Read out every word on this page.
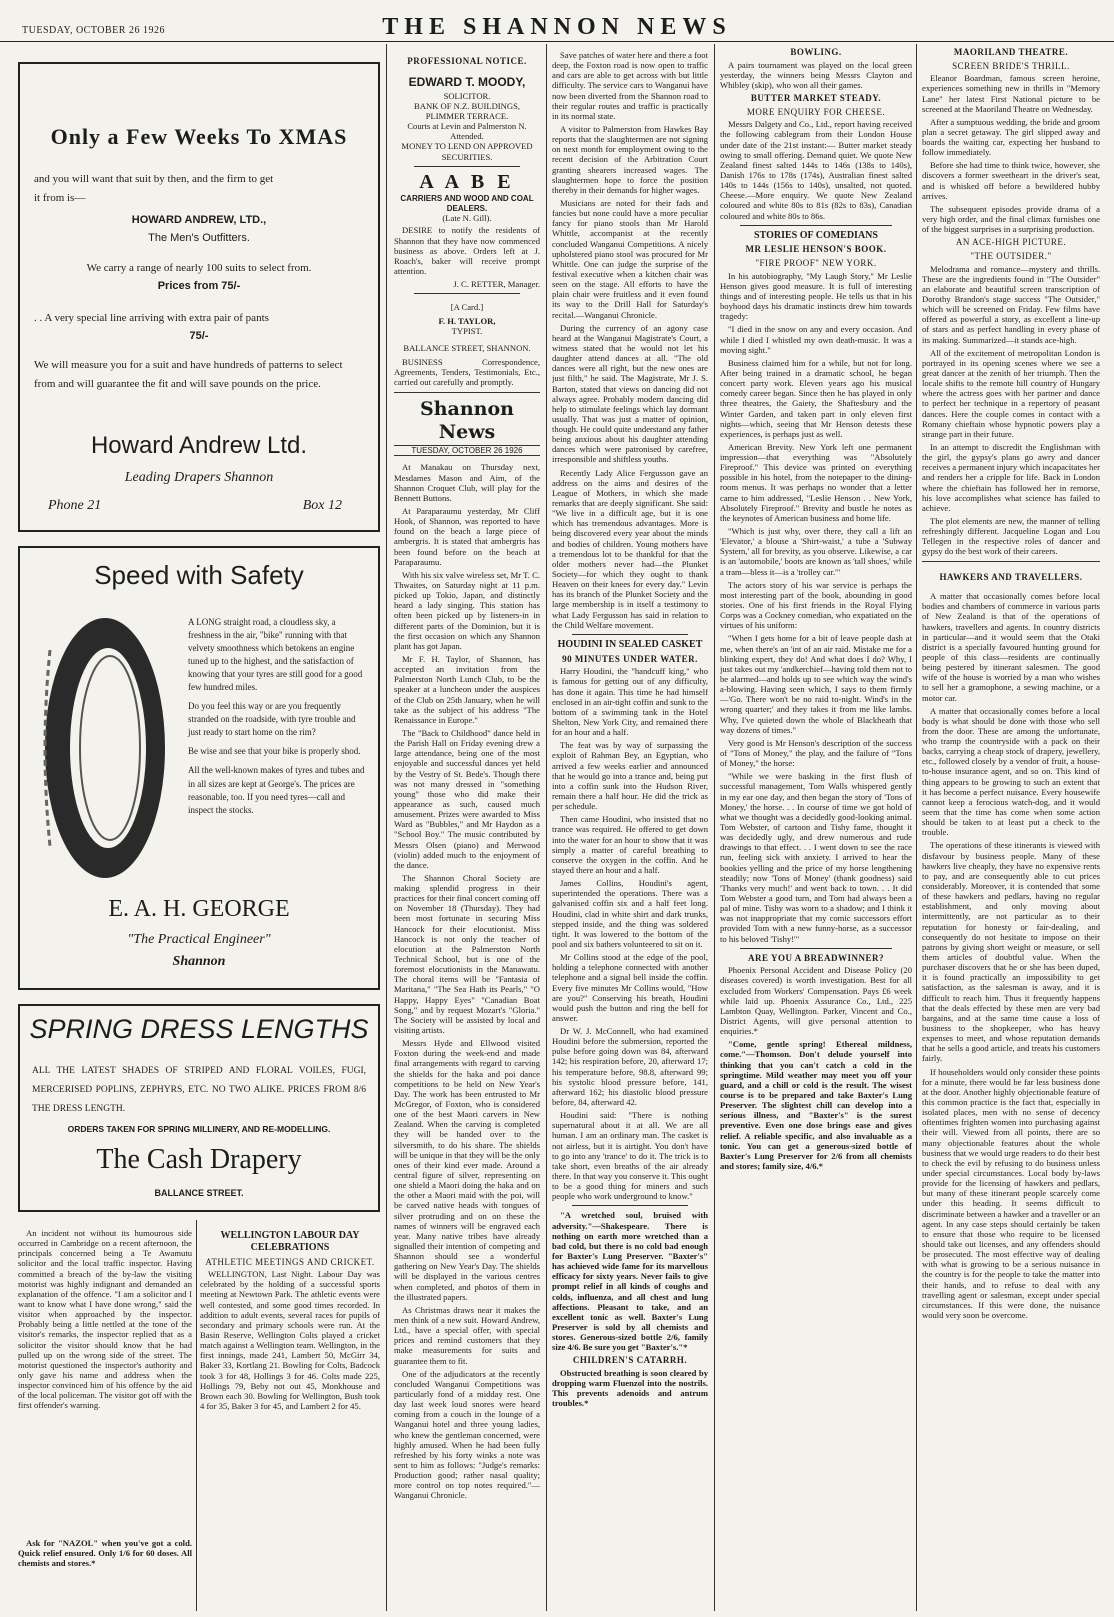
TUESDAY, OCTOBER 26 1926	THE SHANNON NEWS
Only a Few Weeks To XMAS
and you will want that suit by then, and the firm to get
it from is—
HOWARD ANDREW, LTD.,
The Men's Outfitters.
We carry a range of nearly 100 suits to select from.
Prices from 75/-
. . A very special line arriving with extra pair of pants
75/-
We will measure you for a suit and have hundreds of patterns to select from and will guarantee the fit and will save pounds on the price.
Howard Andrew Ltd.
Leading Drapers Shannon
Phone 21	Box 12
Speed with Safety

A LONG straight road, a cloudless sky, a freshness in the air, "bike" running with that velvety smoothness which betokens an engine tuned up to the highest, and the satisfaction of knowing that your tyres are still good for a good few hundred miles.

Do you feel this way or are you frequently stranded on the roadside, with tyre trouble and just ready to start home on the rim?

Be wise and see that your bike is properly shod.

All the well-known makes of tyres and tubes and in all sizes are kept at George's. The prices are reasonable, too. If you need tyres—call and inspect the stocks.

E. A. H. GEORGE
"The Practical Engineer"
Shannon
SPRING DRESS LENGTHS
ALL THE LATEST SHADES OF STRIPED AND FLORAL VOILES, FUGI, MERCERISED POPLINS, ZEPHYRS, ETC. NO TWO ALIKE. PRICES FROM 8/6 THE DRESS LENGTH.
ORDERS TAKEN FOR SPRING MILLINERY, AND RE-MODELLING.
The Cash Drapery
BALLANCE STREET.

An incident not without its humourous side occurred in Cambridge on a recent afternoon, the principals concerned being a Te Awamutu solicitor and the local traffic inspector. Having committed a breach of the by-law the visiting motorist was highly indignant and demanded an explanation of the offence. "I am a solicitor and I want to know what I have done wrong," said the visitor when approached by the inspector. Probably being a little nettled at the tone of the visitor's remarks, the inspector replied that as a solicitor the visitor should know that he had pulled up on the wrong side of the street. The motorist questioned the inspector's authority and only gave his name and address when the inspector convinced him of his offence by the aid of the local policeman. The visitor got off with the first offender's warning.

Ask for "NAZOL" when you've got a cold. Quick relief ensured. Only 1/6 for 60 doses. All chemists and stores.*

PROFESSIONAL NOTICE.
EDWARD T. MOODY,
SOLICITOR.
BANK OF N.Z. BUILDINGS,
PLIMMER TERRACE.
Courts at Levin and Palmerston N. Attended.
MONEY TO LEND ON APPROVED SECURITIES.
A A B E
CARRIERS AND WOOD AND COAL DEALERS.
(Late N. Gill).

DESIRE to notify the residents of Shannon that they have now commenced business as above. Orders left at J. Roach's, baker will receive prompt attention.

J. C. RETTER, Manager.
[A Card.]
F. H. TAYLOR,
TYPIST.
BALLANCE STREET, SHANNON.

BUSINESS Correspondence, Agreements, Tenders, Testimonials, Etc., carried out carefully and promptly.

Shannon News
TUESDAY, OCTOBER 26 1926

At Manakau on Thursday next, Mesdames Mason and Aim, of the Shannon Croquet Club, will play for the Bennett Buttons.

At Paraparaumu yesterday, Mr Cliff Hook, of Shannon, was reported to have found on the beach a large piece of ambergris. It is stated that ambergris has been found before on the beach at Paraparaumu.

With his six valve wireless set, Mr T. C. Thwaites, on Saturday night at 11 p.m. picked up Tokio, Japan, and distinctly heard a lady singing. This station has often been picked up by listeners-in in different parts of the Dominion, but it is the first occasion on which any Shannon plant has got Japan.

Mr F. H. Taylor, of Shannon, has accepted an invitation from the Palmerston North Lunch Club, to be the speaker at a luncheon under the auspices of the Club on 25th January, when he will take as the subject of his address "The Renaissance in Europe."

The "Back to Childhood" dance held in the Parish Hall on Friday evening drew a large attendance, being one of the most enjoyable and successful dances yet held by the Vestry of St. Bede's. Though there was not many dressed in "something young" those who did make their appearance as such, caused much amusement. Prizes were awarded to Miss Ward as "Bubbles," and Mr Haydon as a "School Boy." The music contributed by Messrs Olsen (piano) and Merwood (violin) added much to the enjoyment of the dance.

The Shannon Choral Society are making splendid progress in their practices for their final concert coming off on November 18 (Thursday). They had been most fortunate in securing Miss Hancock for their elocutionist. Miss Hancock is not only the teacher of elocution at the Palmerston North Technical School, but is one of the foremost elocutionists in the Manawatu. The choral items will be "Fantasia of Maritana," "The Sea Hath its Pearls," "O Happy, Happy Eyes" "Canadian Boat Song," and by request Mozart's "Gloria." The Society will be assisted by local and visiting artists.

Messrs Hyde and Ellwood visited Foxton during the week-end and made final arrangements with regard to carving the shields for the haka and poi dance competitions to be held on New Year's Day. The work has been entrusted to Mr McGregor, of Foxton, who is considered one of the best Maori carvers in New Zealand. When the carving is completed they will be handed over to the silversmith, to do his share. The shields will be unique in that they will be the only ones of their kind ever made. Around a central figure of silver, representing on one shield a Maori doing the haka and on the other a Maori maid with the poi, will be carved native heads with tongues of silver protruding and on on these the names of winners will be engraved each year. Many native tribes have already signalled their intention of competing and Shannon should see a wonderful gathering on New Year's Day. The shields will be displayed in the various centres when completed, and photos of them in the illustrated papers.

As Christmas draws near it makes the men think of a new suit. Howard Andrew, Ltd., have a special offer, with special prices and remind customers that they make measurements for suits and guarantee them to fit.

One of the adjudicators at the recently concluded Wanganui Competitions was particularly fond of a midday rest. One day last week loud snores were heard coming from a couch in the lounge of a Wanganui hotel and three young ladies, who knew the gentleman concerned, were highly amused. When he had been fully refreshed by his forty winks a note was sent to him as follows: "Judge's remarks: Production good; rather nasal quality; more control on top notes required."—Wanganui Chronicle.

WELLINGTON LABOUR DAY CELEBRATIONS
ATHLETIC MEETINGS AND CRICKET.

WELLINGTON, Last Night. Labour Day was celebrated by the holding of a successful sports meeting at Newtown Park. The athletic events were well contested, and some good times recorded. In addition to adult events, several races for pupils of secondary and primary schools were run. At the Basin Reserve, Wellington Colts played a cricket match against a Wellington team. Wellington, in the first innings, made 241, Lambert 50, McGirr 34, Baker 33, Kortlang 21. Bowling for Colts, Badcock took 3 for 48, Hollings 3 for 46. Colts made 225, Hollings 79, Beby not out 45, Monkhouse and Brown each 30. Bowling for Wellington, Bush took 4 for 35, Baker 3 for 45, and Lambert 2 for 45.

Save patches of water here and there a foot deep, the Foxton road is now open to traffic and cars are able to get across with but little difficulty. The service cars to Wanganui have now been diverted from the Shannon road to their regular routes and traffic is practically in its normal state.

A visitor to Palmerston from Hawkes Bay reports that the slaughtermen are not signing on next month for employment owing to the recent decision of the Arbitration Court granting shearers increased wages. The slaughtermen hope to force the position thereby in their demands for higher wages.

Musicians are noted for their fads and fancies but none could have a more peculiar fancy for piano stools than Mr Harold Whittle, accompanist at the recently concluded Wanganui Competitions. A nicely upholstered piano stool was procured for Mr Whittle. One can judge the surprise of the festival executive when a kitchen chair was seen on the stage. All efforts to have the plain chair were fruitless and it even found its way to the Drill Hall for Saturday's recital.—Wanganui Chronicle.

During the currency of an agony case heard at the Wanganui Magistrate's Court, a witness stated that he would not let his daughter attend dances at all. "The old dances were all right, but the new ones are just filth," he said. The Magistrate, Mr J. S. Barton, stated that views on dancing did not always agree. Probably modern dancing did help to stimulate feelings which lay dormant usually. That was just a matter of opinion, though. He could quite understand any father being anxious about his daughter attending dances which were patronised by carefree, irresponsible and shiftless youths.

Recently Lady Alice Fergusson gave an address on the aims and desires of the League of Mothers, in which she made remarks that are deeply significant. She said: "We live in a difficult age, but it is one which has tremendous advantages. More is being discovered every year about the minds and bodies of children. Young mothers have a tremendous lot to be thankful for that the older mothers never had—the Plunket Society—for which they ought to thank Heaven on their knees for every day." Levin has its branch of the Plunket Society and the large membership is in itself a testimony to what Lady Fergusson has said in relation to the Child Welfare movement.

HOUDINI IN SEALED CASKET
90 MINUTES UNDER WATER.

Harry Houdini, the "handcuff king," who is famous for getting out of any difficulty, has done it again. This time he had himself enclosed in an air-tight coffin and sunk to the bottom of a swimming tank in the Hotel Shelton, New York City, and remained there for an hour and a half.

The feat was by way of surpassing the exploit of Rahman Bey, an Egyptian, who arrived a few weeks earlier and announced that he would go into a trance and, being put into a coffin sunk into the Hudson River, remain there a half hour. He did the trick as per schedule.

Then came Houdini, who insisted that no trance was required. He offered to get down into the water for an hour to show that it was simply a matter of careful breathing to conserve the oxygen in the coffin. And he stayed there an hour and a half.

James Collins, Houdini's agent, superintended the operations. There was a galvanised coffin six and a half feet long. Houdini, clad in white shirt and dark trunks, stepped inside, and the thing was soldered tight. It was lowered to the bottom of the pool and six bathers volunteered to sit on it.

Mr Collins stood at the edge of the pool, holding a telephone connected with another telephone and a signal bell inside the coffin. Every five minutes Mr Collins would, "How are you?" Conserving his breath, Houdini would push the button and ring the bell for answer.

Dr W. J. McConnell, who had examined Houdini before the submersion, reported the pulse before going down was 84, afterward 142; his respiration before, 20, afterward 17; his temperature before, 98.8, afterward 99; his systolic blood pressure before, 141, afterward 162; his diastolic blood pressure before, 84, afterward 42.

Houdini said: "There is nothing supernatural about it at all. We are all human. I am an ordinary man. The casket is not airless, but it is airtight. You don't have to go into any 'trance' to do it. The trick is to take short, even breaths of the air already there. In that way you conserve it. This ought to be a good thing for miners and such people who work underground to know."

"A wretched soul, bruised with adversity."—Shakespeare. There is nothing on earth more wretched than a bad cold, but there is no cold bad enough for Baxter's Lung Preserver. "Baxter's" has achieved wide fame for its marvellous efficacy for sixty years. Never fails to give prompt relief in all kinds of coughs and colds, influenza, and all chest and lung affections. Pleasant to take, and an excellent tonic as well. Baxter's Lung Preserver is sold by all chemists and stores. Generous-sized bottle 2/6, family size 4/6. Be sure you get "Baxter's."*

CHILDREN'S CATARRH.

Obstructed breathing is soon cleared by dropping warm Fluenzol into the nostrils. This prevents adenoids and antrum troubles.*

BOWLING.

A pairs tournament was played on the local green yesterday, the winners being Messrs Clayton and Whibley (skip), who won all their games.

BUTTER MARKET STEADY.
MORE ENQUIRY FOR CHEESE.

Messrs Dalgety and Co., Ltd., report having received the following cablegram from their London House under date of the 21st instant:— Butter market steady owing to small offering. Demand quiet. We quote New Zealand finest salted 144s to 146s (138s to 140s), Danish 176s to 178s (174s), Australian finest salted 140s to 144s (156s to 140s), unsalted, not quoted. Cheese.—More enquiry. We quote New Zealand coloured and white 80s to 81s (82s to 83s), Canadian coloured and white 80s to 86s.

STORIES OF COMEDIANS
MR LESLIE HENSON'S BOOK.
"FIRE PROOF" NEW YORK.

In his autobiography, "My Laugh Story," Mr Leslie Henson gives good measure. It is full of interesting things and of interesting people. He tells us that in his boyhood days his dramatic instincts drew him towards tragedy:

"I died in the snow on any and every occasion. And while I died I whistled my own death-music. It was a moving sight."

Business claimed him for a while, but not for long. After being trained in a dramatic school, he began concert party work. Eleven years ago his musical comedy career began. Since then he has played in only three theatres, the Gaiety, the Shaftesbury and the Winter Garden, and taken part in only eleven first nights—which, seeing that Mr Henson detests these experiences, is perhaps just as well.

American Brevity. New York left one permanent impression—that everything was "Absolutely Fireproof." This device was printed on everything possible in his hotel, from the notepaper to the dining-room menus. It was perhaps no wonder that a letter came to him addressed, "Leslie Henson . . New York, Absolutely Fireproof." Brevity and bustle he notes as the keynotes of American business and home life.

"Which is just why, over there, they call a lift an 'Elevator,' a blouse a 'Shirt-waist,' a tube a 'Subway System,' all for brevity, as you observe. Likewise, a car is an 'automobile,' boots are known as 'tall shoes,' while a tram—bless it—is a 'trolley car.'"

The actors story of his war service is perhaps the most interesting part of the book, abounding in good stories. One of his first friends in the Royal Flying Corps was a Cockney comedian, who expatiated on the virtues of his uniform:

"When I gets home for a bit of leave people dash at me, when there's an 'int of an air raid. Mistake me for a blinking expert, they do! And what does I do? Why, I just takes out my 'andkerchief—having told them not to be alarmed—and holds up to see which way the wind's a-blowing. Having seen which, I says to them firmly—'Go. There won't be no raid to-night. Wind's in the wrong quarter;' and they takes it from me like lambs. Why, I've quieted down the whole of Blackheath that way dozens of times."

Very good is Mr Henson's description of the success of "Tons of Money," the play, and the failure of "Tons of Money," the horse:

"While we were basking in the first flush of successful management, Tom Walls whispered gently in my ear one day, and then began the story of 'Tons of Money,' the horse. . . In course of time we got hold of what we thought was a decidedly good-looking animal. Tom Webster, of cartoon and Tishy fame, thought it was decidedly ugly, and drew numerous and rude drawings to that effect. . . I went down to see the race run, feeling sick with anxiety. I arrived to hear the bookies yelling and the price of my horse lengthening steadily; now 'Tons of Money' (thank goodness) said 'Thanks very much!' and went back to town. . . It did Tom Webster a good turn, and Tom had always been a pal of mine. Tishy was worn to a shadow; and I think it was not inappropriate that my comic successors effort provided Tom with a new funny-horse, as a successor to his beloved 'Tishy!'"

ARE YOU A BREADWINNER?

Phoenix Personal Accident and Disease Policy (20 diseases covered) is worth investigation. Best for all excluded from Workers' Compensation. Pays £6 week while laid up. Phoenix Assurance Co., Ltd., 225 Lambton Quay, Wellington. Parker, Vincent and Co., District Agents, will give personal attention to enquiries.*

"Come, gentle spring! Ethereal mildness, come."—Thomson. Don't delude yourself into thinking that you can't catch a cold in the springtime. Mild weather may meet you off your guard, and a chill or cold is the result. The wisest course is to be prepared and take Baxter's Lung Preserver. The slightest chill can develop into a serious illness, and "Baxter's" is the surest preventive. Even one dose brings ease and gives relief. A reliable specific, and also invaluable as a tonic. You can get a generous-sized bottle of Baxter's Lung Preserver for 2/6 from all chemists and stores; family size, 4/6.*

MAORILAND THEATRE.
SCREEN BRIDE'S THRILL.

Eleanor Boardman, famous screen heroine, experiences something new in thrills in "Memory Lane" her latest First National picture to be screened at the Maoriland Theatre on Wednesday.

After a sumptuous wedding, the bride and groom plan a secret getaway. The girl slipped away and boards the waiting car, expecting her husband to follow immediately.

Before she had time to think twice, however, she discovers a former sweetheart in the driver's seat, and is whisked off before a bewildered hubby arrives.

The subsequent episodes provide drama of a very high order, and the final climax furnishes one of the biggest surprises in a surprising production.

AN ACE-HIGH PICTURE.
"THE OUTSIDER."

Melodrama and romance—mystery and thrills. These are the ingredients found in "The Outsider" an elaborate and beautiful screen transcription of Dorothy Brandon's stage success "The Outsider," which will be screened on Friday. Few films have offered as powerful a story, as excellent a line-up of stars and as perfect handling in every phase of its making. Summarized—it stands ace-high.

All of the excitement of metropolitan London is portrayed in its opening scenes where we see a great dancer at the zenith of her triumph. Then the locale shifts to the remote hill country of Hungary where the actress goes with her partner and dance to perfect her technique in a repertory of peasant dances. Here the couple comes in contact with a Romany chieftain whose hypnotic powers play a strange part in their future.

In an attempt to discredit the Englishman with the girl, the gypsy's plans go awry and dancer receives a permanent injury which incapacitates her and renders her a cripple for life. Back in London where the chieftain has followed her in remorse, his love accomplishes what science has failed to achieve.

The plot elements are new, the manner of telling refreshingly different. Jacqueline Logan and Lou Tellegen in the respective roles of dancer and gypsy do the best work of their careers.

HAWKERS AND TRAVELLERS.

A matter that occasionally comes before local bodies and chambers of commerce in various parts of New Zealand is that of the operations of hawkers, travellers and agents. In country districts in particular—and it would seem that the Otaki district is a specially favoured hunting ground for people of this class—residents are continually being pestered by itinerant salesmen. The good wife of the house is worried by a man who wishes to sell her a gramophone, a sewing machine, or a motor car.

A matter that occasionally comes before a local body is what should be done with those who sell from the door. These are among the unfortunate, who tramp the countryside with a pack on their backs, carrying a cheap stock of drapery, jewellery, etc., followed closely by a vendor of fruit, a house-to-house insurance agent, and so on. This kind of thing appears to be growing to such an extent that it has become a perfect nuisance. Every housewife cannot keep a ferocious watch-dog, and it would seem that the time has come when some action should be taken to at least put a check to the trouble.

The operations of these itinerants is viewed with disfavour by business people. Many of these hawkers live cheaply, they have no expensive rents to pay, and are consequently able to cut prices considerably. Moreover, it is contended that some of these hawkers and pedlars, having no regular establishment, and only moving about intermittently, are not particular as to their reputation for honesty or fair-dealing, and consequently do not hesitate to impose on their patrons by giving short weight or measure, or sell them articles of doubtful value. When the purchaser discovers that he or she has been duped, it is found practically an impossibility to get satisfaction, as the salesman is away, and it is difficult to reach him. Thus it frequently happens that the deals effected by these men are very bad bargains, and at the same time cause a loss of business to the shopkeeper, who has heavy expenses to meet, and whose reputation demands that he sells a good article, and treats his customers fairly.

If householders would only consider these points for a minute, there would be far less business done at the door. Another highly objectionable feature of this common practice is the fact that, especially in isolated places, men with no sense of decency oftentimes frighten women into purchasing against their will. Viewed from all points, there are so many objectionable features about the whole business that we would urge readers to do their best to check the evil by refusing to do business unless under special circumstances. Local body by-laws provide for the licensing of hawkers and pedlars, but many of these itinerant people scarcely come under this heading. It seems difficult to discriminate between a hawker and a traveller or an agent. In any case steps should certainly be taken to ensure that those who require to be licensed should take out licenses, and any offenders should be prosecuted. The most effective way of dealing with what is growing to be a serious nuisance in the country is for the people to take the matter into their hands, and to refuse to deal with any travelling agent or salesman, except under special circumstances. If this were done, the nuisance would very soon be overcome.
